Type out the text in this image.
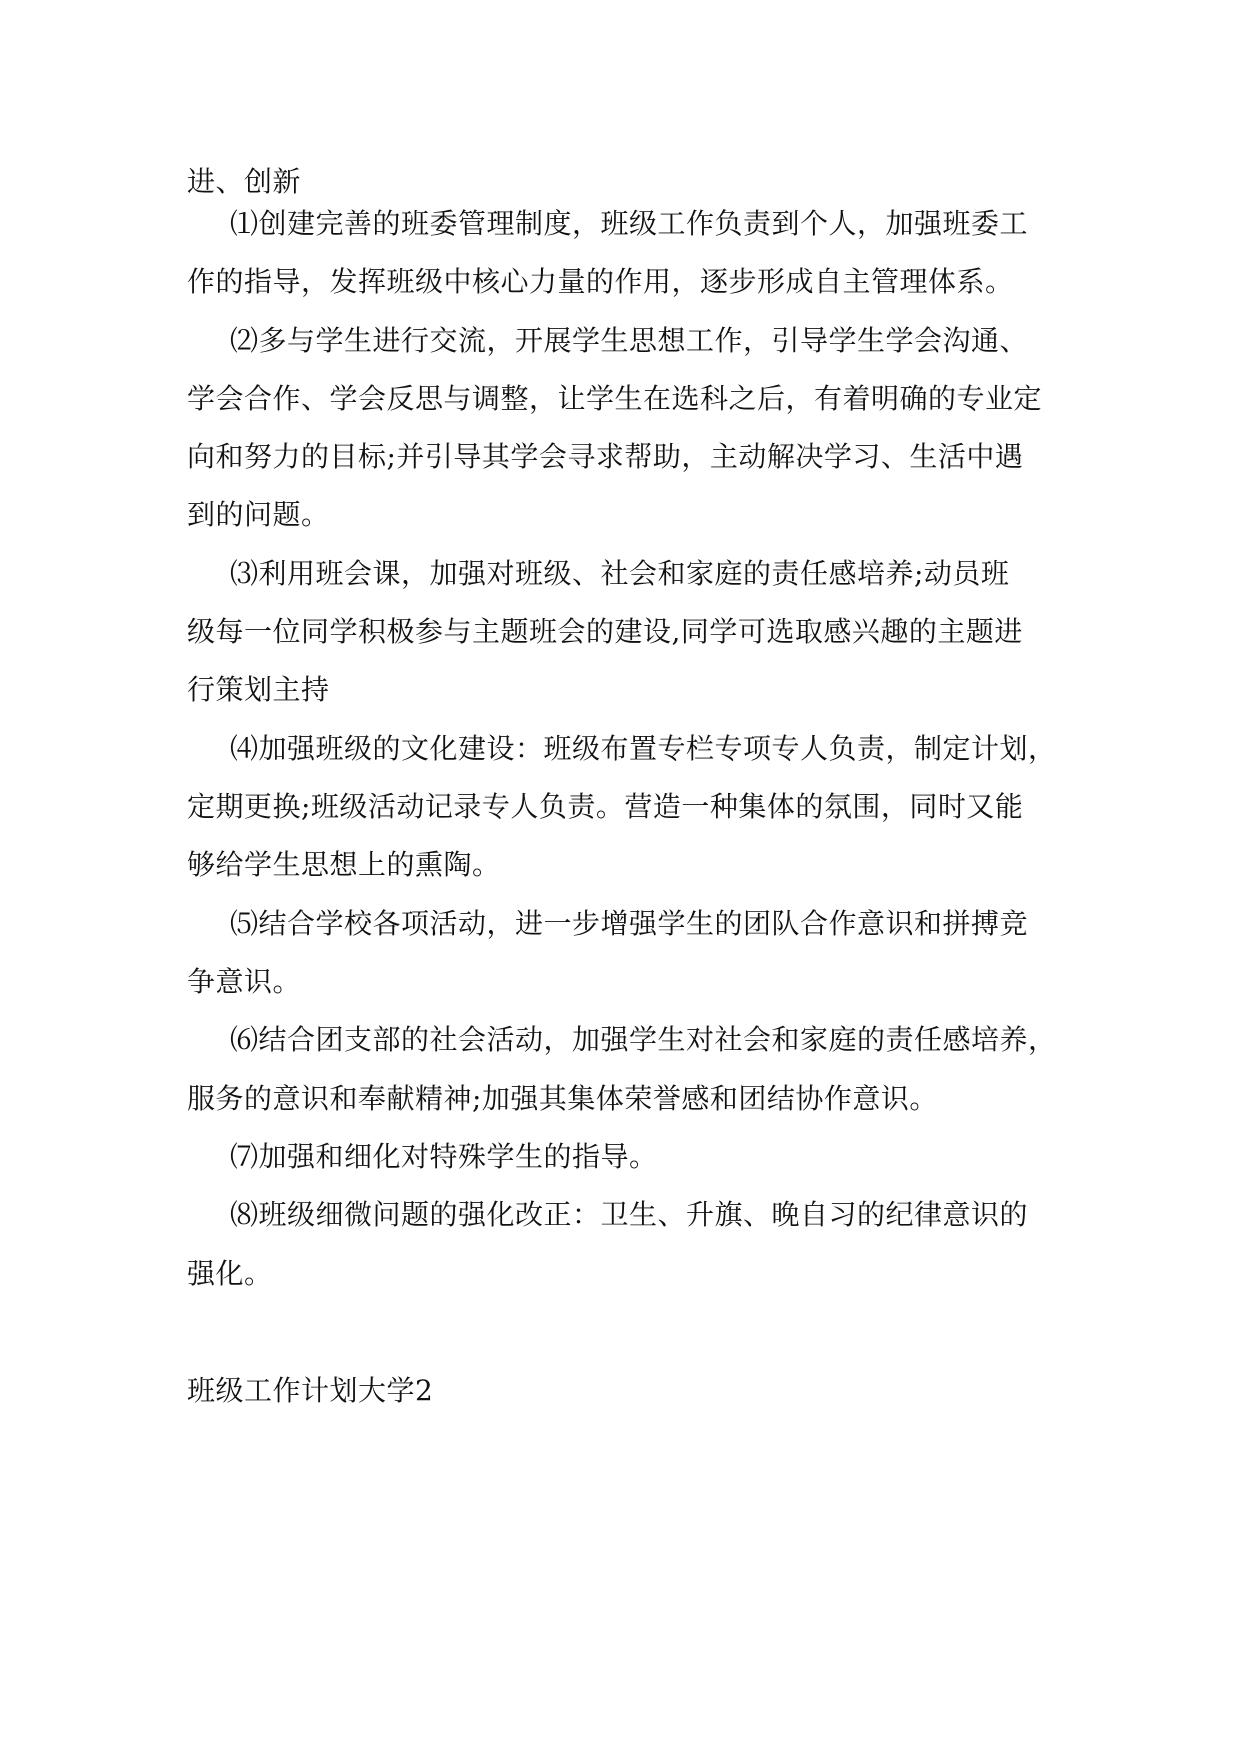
进、创新
⑴创建完善的班委管理制度，班级工作负责到个人，加强班委工
作的指导，发挥班级中核心力量的作用，逐步形成自主管理体系。
⑵多与学生进行交流，开展学生思想工作，引导学生学会沟通、
学会合作、学会反思与调整，让学生在选科之后，有着明确的专业定
向和努力的目标;并引导其学会寻求帮助，主动解决学习、生活中遇
到的问题。
⑶利用班会课，加强对班级、社会和家庭的责任感培养;动员班
级每一位同学积极参与主题班会的建设,同学可选取感兴趣的主题进
行策划主持
⑷加强班级的文化建设：班级布置专栏专项专人负责，制定计划，
定期更换;班级活动记录专人负责。营造一种集体的氛围，同时又能
够给学生思想上的熏陶。
⑸结合学校各项活动，进一步增强学生的团队合作意识和拼搏竞
争意识。
⑹结合团支部的社会活动，加强学生对社会和家庭的责任感培养，
服务的意识和奉献精神;加强其集体荣誉感和团结协作意识。
⑺加强和细化对特殊学生的指导。
⑻班级细微问题的强化改正：卫生、升旗、晚自习的纪律意识的
强化。
班级工作计划大学2
